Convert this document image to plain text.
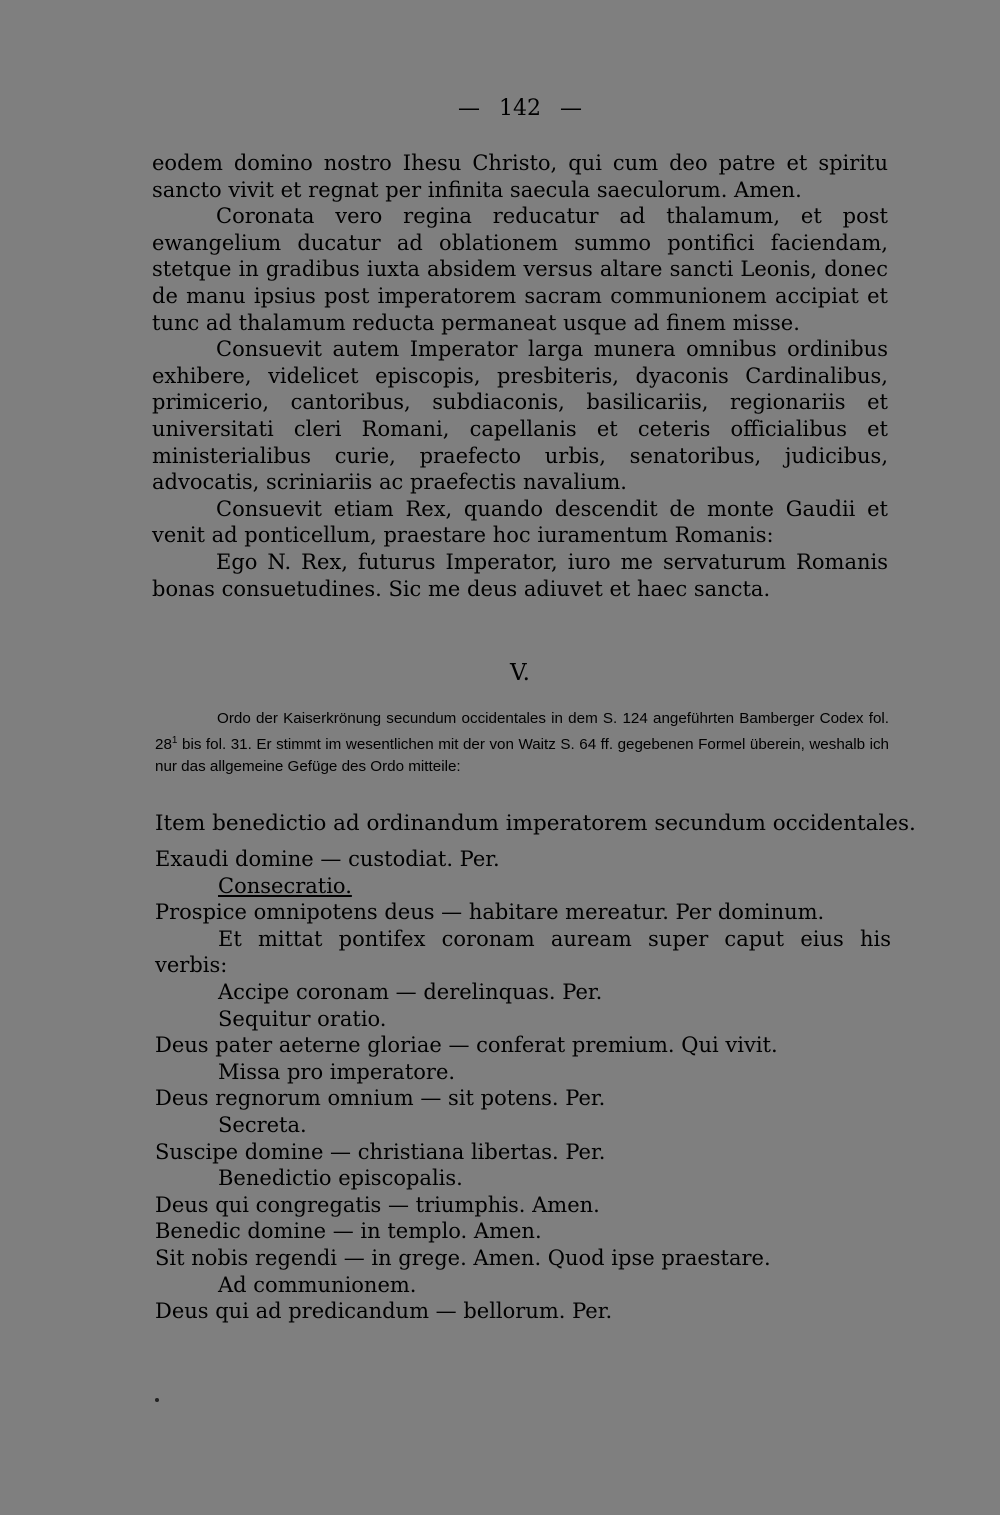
— 142 —

eodem domino nostro Ihesu Christo, qui cum deo patre et spiritu sancto vivit et regnat per infinita saecula saeculorum. Amen.

Coronata vero regina reducatur ad thalamum, et post ewangelium ducatur ad oblationem summo pontifici faciendam, stetque in gradibus iuxta absidem versus altare sancti Leonis, donec de manu ipsius post imperatorem sacram communionem accipiat et tunc ad thalamum reducta permaneat usque ad finem misse.

Consuevit autem Imperator larga munera omnibus ordinibus exhibere, videlicet episcopis, presbiteris, dyaconis Cardinalibus, primicerio, cantoribus, subdiaconis, basilicariis, regionariis et universitati cleri Romani, capellanis et ceteris officialibus et ministerialibus curie, praefecto urbis, senatoribus, judicibus, advocatis, scriniariis ac praefectis navalium.

Consuevit etiam Rex, quando descendit de monte Gaudii et venit ad ponticellum, praestare hoc iuramentum Romanis:

Ego N. Rex, futurus Imperator, iuro me servaturum Romanis bonas consuetudines. Sic me deus adiuvet et haec sancta.

V.

Ordo der Kaiserkrönung secundum occidentales in dem S. 124 angeführten Bamberger Codex fol. $28^1$ bis fol. 31. Er stimmt im wesentlichen mit der von Waitz S. 64 ff. gegebenen Formel überein, weshalb ich nur das allgemeine Gefüge des Ordo mitteile:

Item benedictio ad ordinandum imperatorem secundum occidentales.

Exaudi domine — custodiat. Per.

Consecratio.

Prospice omnipotens deus — habitare mereatur. Per dominum.

Et mittat pontifex coronam auream super caput eius his verbis:

Accipe coronam — derelinquas. Per.

Sequitur oratio.

Deus pater aeterne gloriae — conferat premium. Qui vivit.

Missa pro imperatore.

Deus regnorum omnium — sit potens. Per.

Secreta.

Suscipe domine — christiana libertas. Per.

Benedictio episcopalis.

Deus qui congregatis — triumphis. Amen.

Benedic domine — in templo. Amen.

Sit nobis regendi — in grege. Amen. Quod ipse praestare.

Ad communionem.

Deus qui ad predicandum — bellorum. Per.
